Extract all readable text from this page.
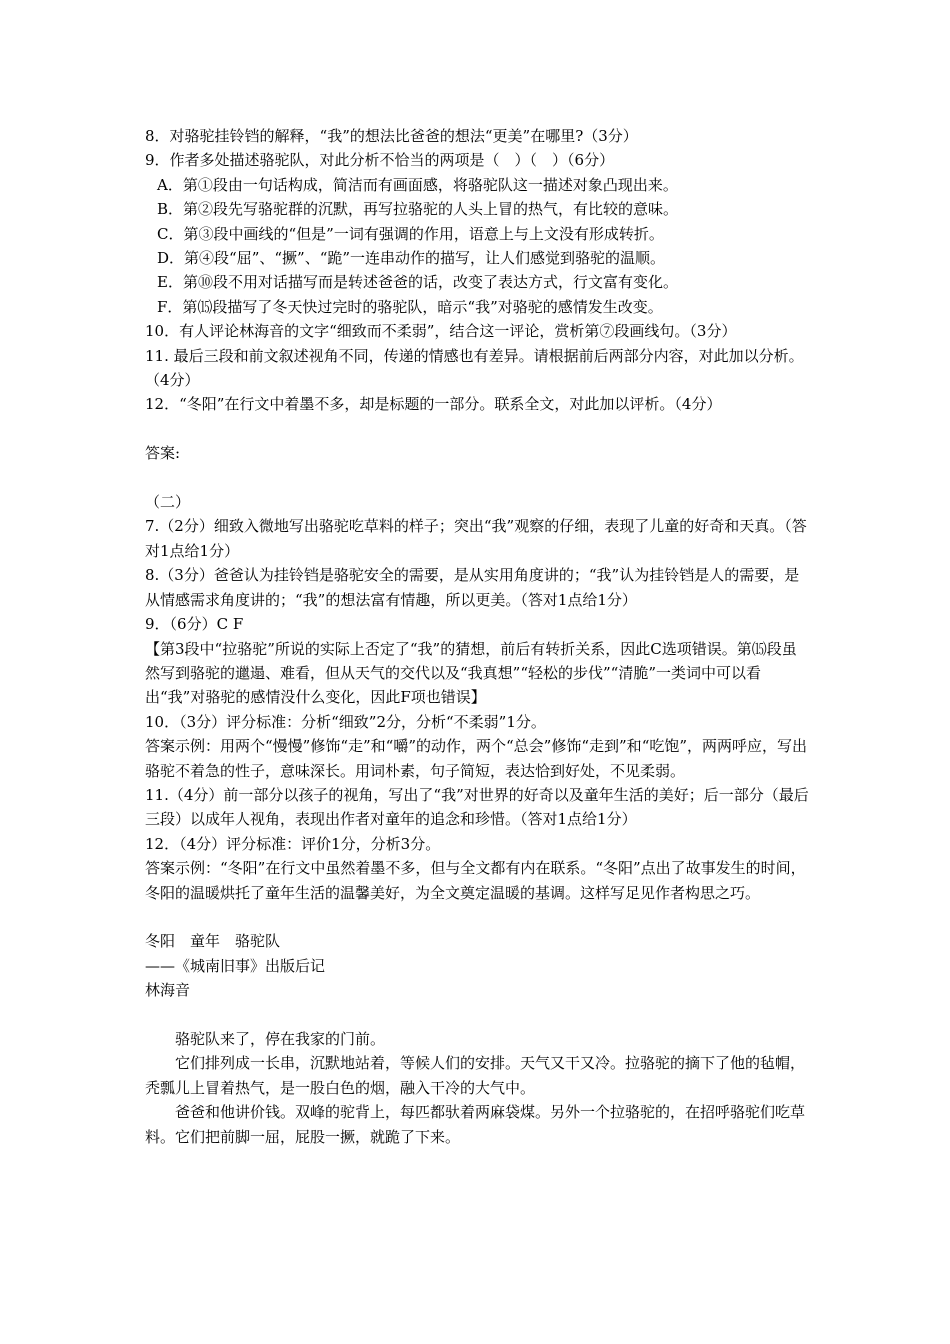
8．对骆驼挂铃铛的解释，“我”的想法比爸爸的想法“更美”在哪里?（3分）

9．作者多处描述骆驼队，对此分析不恰当的两项是（　）（　）（6分）

A．第①段由一句话构成，简洁而有画面感，将骆驼队这一描述对象凸现出来。

B．第②段先写骆驼群的沉默，再写拉骆驼的人头上冒的热气，有比较的意味。

C．第③段中画线的“但是”一词有强调的作用，语意上与上文没有形成转折。

D．第④段“屈”、“撅”、“跪”一连串动作的描写，让人们感觉到骆驼的温顺。

E．第⑩段不用对话描写而是转述爸爸的话，改变了表达方式，行文富有变化。

F．第⒂段描写了冬天快过完时的骆驼队，暗示“我”对骆驼的感情发生改变。

10．有人评论林海音的文字“细致而不柔弱”，结合这一评论，赏析第⑦段画线句。（3分）

11. 最后三段和前文叙述视角不同，传递的情感也有差异。请根据前后两部分内容，对此加以分析。（4分）

12．“冬阳”在行文中着墨不多，却是标题的一部分。联系全文，对此加以评析。（4分）

答案:

（二）

7.（2分）细致入微地写出骆驼吃草料的样子；突出“我”观察的仔细，表现了儿童的好奇和天真。（答对1点给1分）

8.（3分）爸爸认为挂铃铛是骆驼安全的需要，是从实用角度讲的；“我”认为挂铃铛是人的需要，是从情感需求角度讲的；“我”的想法富有情趣，所以更美。（答对1点给1分）

9．（6分）C F

【第3段中“拉骆驼”所说的实际上否定了“我”的猜想，前后有转折关系，因此C选项错误。第⒂段虽然写到骆驼的邋遢、难看，但从天气的交代以及“我真想”“轻松的步伐”“清脆”一类词中可以看出“我”对骆驼的感情没什么变化，因此F项也错误】

10．（3分）评分标准：分析“细致”2分，分析“不柔弱”1分。

答案示例：用两个“慢慢”修饰“走”和“嚼”的动作，两个“总会”修饰“走到”和“吃饱”，两两呼应，写出骆驼不着急的性子，意味深长。用词朴素，句子简短，表达恰到好处，不见柔弱。

11.（4分）前一部分以孩子的视角，写出了“我”对世界的好奇以及童年生活的美好；后一部分（最后三段）以成年人视角，表现出作者对童年的追念和珍惜。（答对1点给1分）

12．（4分）评分标准：评价1分，分析3分。

答案示例：“冬阳”在行文中虽然着墨不多，但与全文都有内在联系。“冬阳”点出了故事发生的时间，冬阳的温暖烘托了童年生活的温馨美好，为全文奠定温暖的基调。这样写足见作者构思之巧。

冬阳　童年　骆驼队

——《城南旧事》出版后记

林海音

骆驼队来了，停在我家的门前。

它们排列成一长串，沉默地站着，等候人们的安排。天气又干又冷。拉骆驼的摘下了他的毡帽，秃瓢儿上冒着热气，是一股白色的烟，融入干冷的大气中。

爸爸和他讲价钱。双峰的驼背上，每匹都驮着两麻袋煤。另外一个拉骆驼的，在招呼骆驼们吃草料。它们把前脚一屈，屁股一撅，就跪了下来。
